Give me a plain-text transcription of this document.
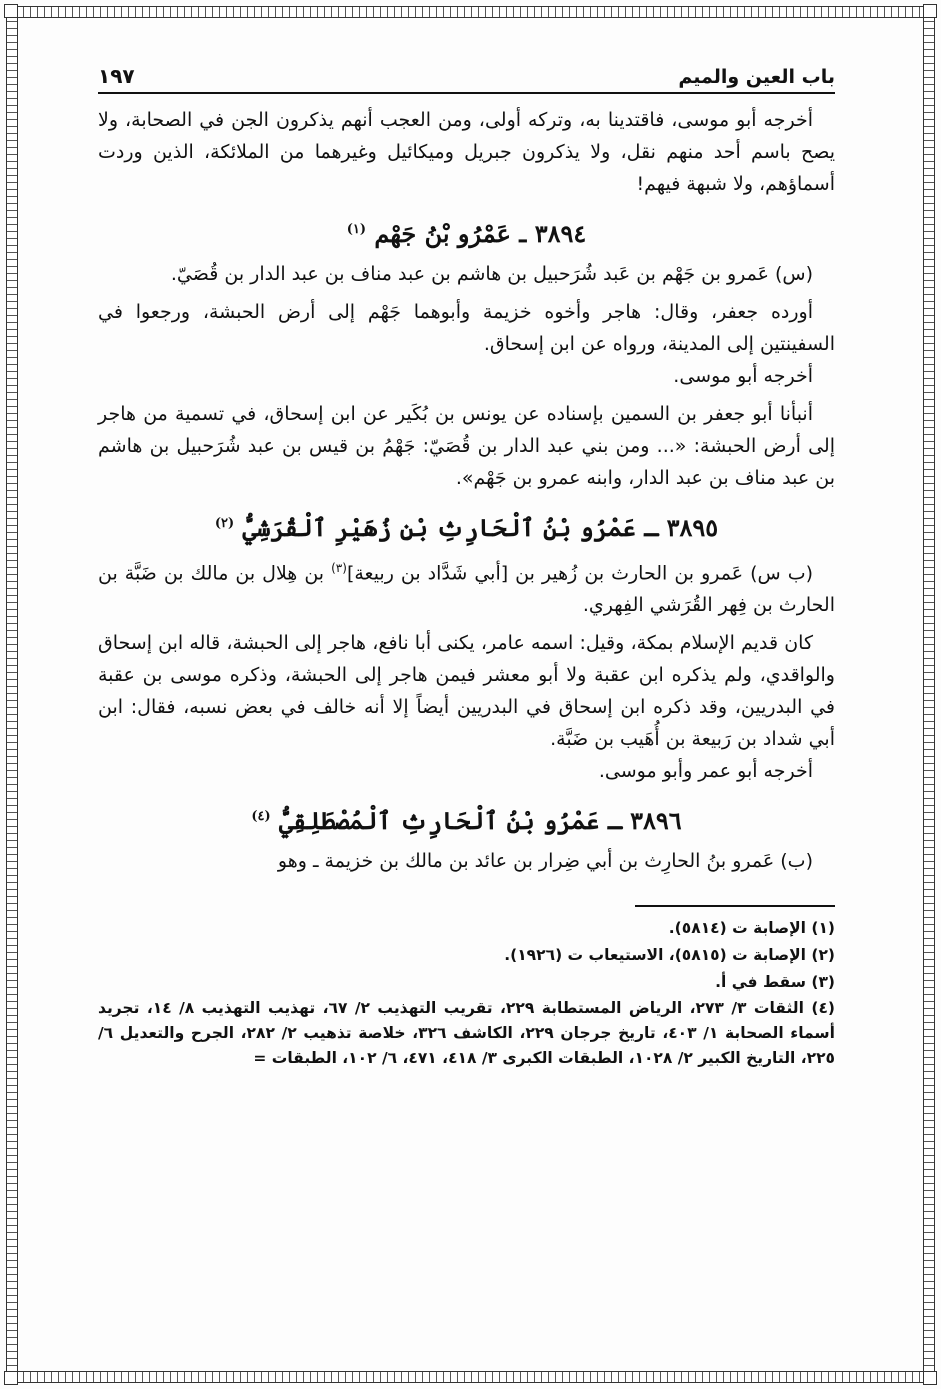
باب العين والميم
١٩٧

أخرجه أبو موسى، فاقتدينا به، وتركه أولى، ومن العجب أنهم يذكرون الجن في الصحابة، ولا يصح باسم أحد منهم نقل، ولا يذكرون جبريل وميكائيل وغيرهما من الملائكة، الذين وردت أسماؤهم، ولا شبهة فيهم!

٣٨٩٤ ـ عَمْرُو بْنُ جَهْم $^{(١)}$

(س) عَمرو بن جَهْم بن عَبد شُرَحبيل بن هاشم بن عبد مناف بن عبد الدار بن قُصَيّ.

أورده جعفر، وقال: هاجر وأخوه خزيمة وأبوهما جَهْم إلى أرض الحبشة، ورجعوا في السفينتين إلى المدينة، ورواه عن ابن إسحاق.

أخرجه أبو موسى.

أنبأنا أبو جعفر بن السمين بإسناده عن يونس بن بُكَير عن ابن إسحاق، في تسمية من هاجر إلى أرض الحبشة: «... ومن بني عبد الدار بن قُصَيّ: جَهْمُ بن قيس بن عبد شُرَحبيل بن هاشم بن عبد مناف بن عبد الدار، وابنه عمرو بن جَهْم».

٣٨٩٥ ـ عَمْرُو بْنُ ٱلْحَارِثِ بْنِ زُهَيْرِ ٱلْقُرَشِيُّ $^{(٢)}$

(ب س) عَمرو بن الحارث بن زُهير بن [أبي شَدَّاد بن ربيعة]$^{(٣)}$ بن هِلال بن مالك بن ضَبَّة بن الحارث بن فِهر القُرَشي الفِهري.

كان قديم الإسلام بمكة، وقيل: اسمه عامر، يكنى أبا نافع، هاجر إلى الحبشة، قاله ابن إسحاق والواقدي، ولم يذكره ابن عقبة ولا أبو معشر فيمن هاجر إلى الحبشة، وذكره موسى بن عقبة في البدريين، وقد ذكره ابن إسحاق في البدريين أيضاً إلا أنه خالف في بعض نسبه، فقال: ابن أبي شداد بن رَبيعة بن أُهَيب بن ضَبَّة.

أخرجه أبو عمر وأبو موسى.

٣٨٩٦ ـ عَمْرُو بْنُ ٱلْحَارِثِ ٱلْمُصْطَلِقِيُّ $^{(٤)}$

(ب) عَمرو بنُ الحارِث بن أبي ضِرار بن عائد بن مالك بن خزيمة ـ وهو

(١) الإصابة ت (٥٨١٤).

(٢) الإصابة ت (٥٨١٥)، الاستيعاب ت (١٩٢٦).

(٣) سقط في أ.

(٤) الثقات ٣/ ٢٧٣، الرياض المستطابة ٢٢٩، تقريب التهذيب ٢/ ٦٧، تهذيب التهذيب ٨/ ١٤، تجريد أسماء الصحابة ١/ ٤٠٣، تاريخ جرجان ٢٢٩، الكاشف ٣٢٦، خلاصة تذهيب ٢/ ٢٨٢، الجرح والتعديل ٦/ ٢٢٥، التاريخ الكبير ٢/ ١٠٢٨، الطبقات الكبرى ٣/ ٤١٨، ٤٧١، ٦/ ١٠٢، الطبقات =
